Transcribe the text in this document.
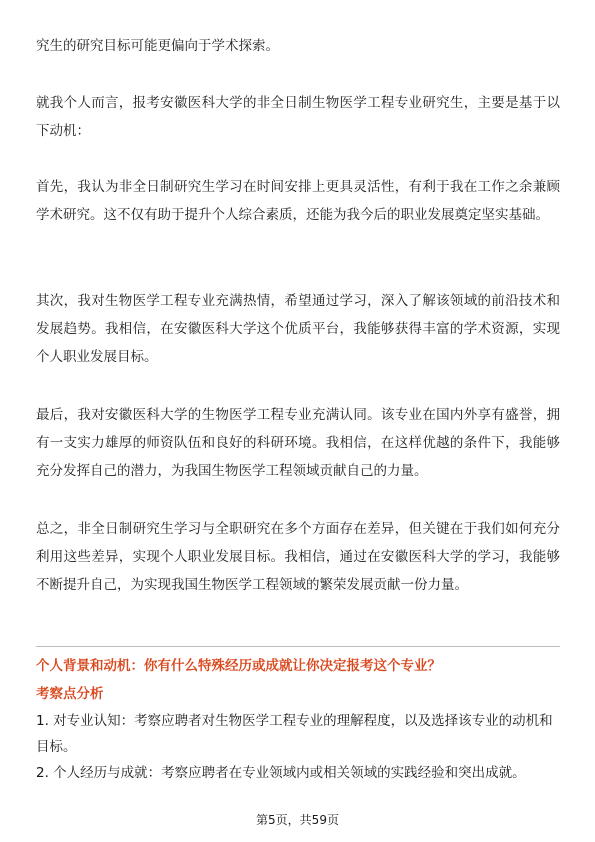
究生的研究目标可能更偏向于学术探索。

就我个人而言，报考安徽医科大学的非全日制生物医学工程专业研究生，主要是基于以下动机：

首先，我认为非全日制研究生学习在时间安排上更具灵活性，有利于我在工作之余兼顾学术研究。这不仅有助于提升个人综合素质，还能为我今后的职业发展奠定坚实基础。

其次，我对生物医学工程专业充满热情，希望通过学习，深入了解该领域的前沿技术和发展趋势。我相信，在安徽医科大学这个优质平台，我能够获得丰富的学术资源，实现个人职业发展目标。

最后，我对安徽医科大学的生物医学工程专业充满认同。该专业在国内外享有盛誉，拥有一支实力雄厚的师资队伍和良好的科研环境。我相信，在这样优越的条件下，我能够充分发挥自己的潜力，为我国生物医学工程领域贡献自己的力量。

总之，非全日制研究生学习与全职研究在多个方面存在差异，但关键在于我们如何充分利用这些差异，实现个人职业发展目标。我相信，通过在安徽医科大学的学习，我能够不断提升自己，为实现我国生物医学工程领域的繁荣发展贡献一份力量。

个人背景和动机：你有什么特殊经历或成就让你决定报考这个专业？

考察点分析

1. 对专业认知：考察应聘者对生物医学工程专业的理解程度，以及选择该专业的动机和目标。

2. 个人经历与成就：考察应聘者在专业领域内或相关领域的实践经验和突出成就。

第5页，共59页
